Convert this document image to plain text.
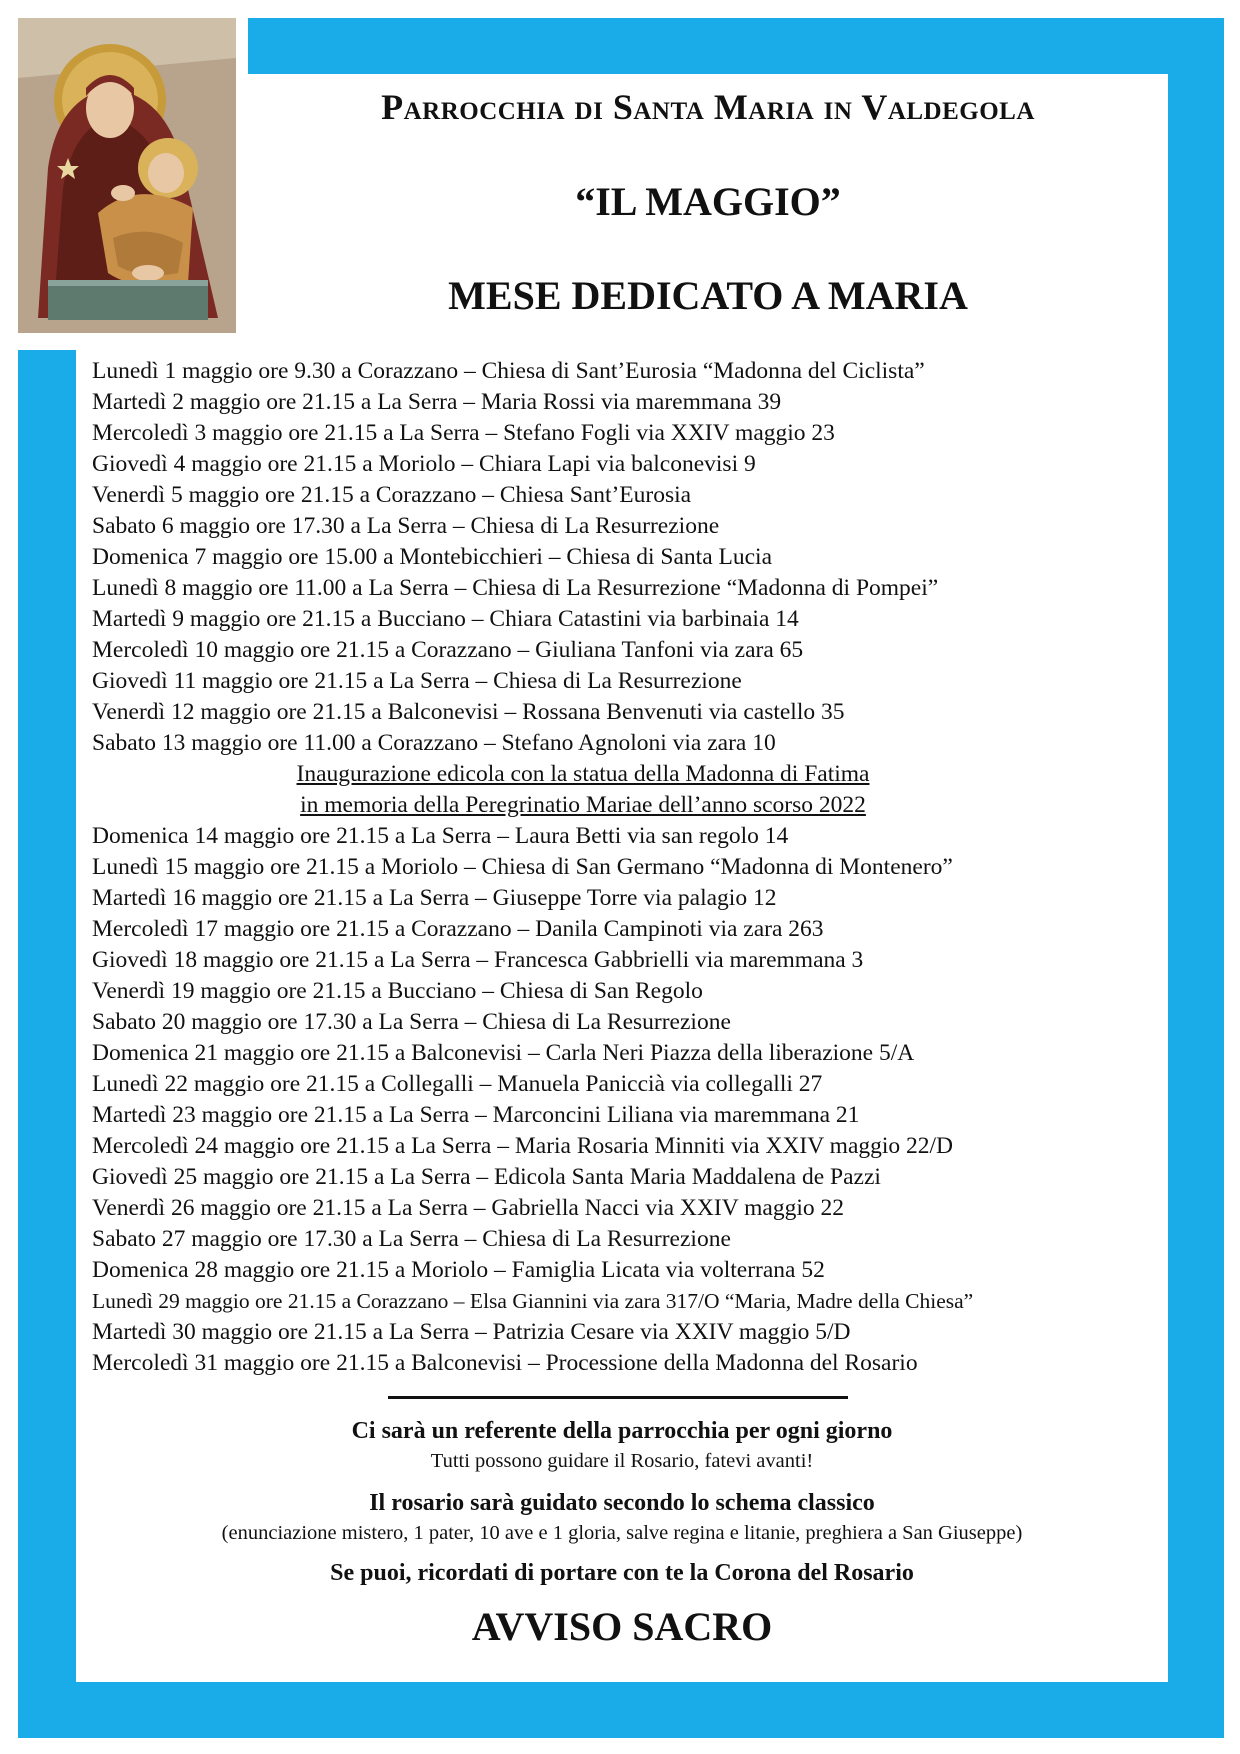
Parrocchia di Santa Maria in Valdegola
“IL MAGGIO”
MESE DEDICATO A MARIA
Lunedì 1 maggio ore 9.30 a Corazzano – Chiesa di Sant’Eurosia “Madonna del Ciclista”
Martedì 2 maggio ore 21.15 a La Serra – Maria Rossi via maremmana 39
Mercoledì 3 maggio ore 21.15 a La Serra – Stefano Fogli via XXIV maggio 23
Giovedì 4 maggio ore 21.15 a Moriolo – Chiara Lapi via balconevisi 9
Venerdì 5 maggio ore 21.15 a Corazzano – Chiesa Sant’Eurosia
Sabato 6 maggio ore 17.30 a La Serra – Chiesa di La Resurrezione
Domenica 7 maggio ore 15.00 a Montebicchieri – Chiesa di Santa Lucia
Lunedì 8 maggio ore 11.00 a La Serra – Chiesa di La Resurrezione “Madonna di Pompei”
Martedì 9 maggio ore 21.15 a Bucciano – Chiara Catastini via barbinaia 14
Mercoledì 10 maggio ore 21.15 a Corazzano – Giuliana Tanfoni via zara 65
Giovedì 11 maggio ore 21.15 a La Serra – Chiesa di La Resurrezione
Venerdì 12 maggio ore 21.15 a Balconevisi – Rossana Benvenuti via castello 35
Sabato 13 maggio ore 11.00 a Corazzano – Stefano Agnoloni via zara 10
Inaugurazione edicola con la statua della Madonna di Fatima
in memoria della Peregrinatio Mariae dell’anno scorso 2022
Domenica 14 maggio ore 21.15 a La Serra – Laura Betti via san regolo 14
Lunedì 15 maggio ore 21.15 a Moriolo – Chiesa di San Germano “Madonna di Montenero”
Martedì 16 maggio ore 21.15 a La Serra – Giuseppe Torre via palagio 12
Mercoledì 17 maggio ore 21.15 a Corazzano – Danila Campinoti via zara 263
Giovedì 18 maggio ore 21.15 a La Serra – Francesca Gabbrielli via maremmana 3
Venerdì 19 maggio ore 21.15 a Bucciano – Chiesa di San Regolo
Sabato 20 maggio ore 17.30 a La Serra – Chiesa di La Resurrezione
Domenica 21 maggio ore 21.15 a Balconevisi – Carla Neri Piazza della liberazione 5/A
Lunedì 22 maggio ore 21.15 a Collegalli – Manuela Paniccià via collegalli 27
Martedì 23 maggio ore 21.15 a La Serra – Marconcini Liliana via maremmana 21
Mercoledì 24 maggio ore 21.15 a La Serra – Maria Rosaria Minniti via XXIV maggio 22/D
Giovedì 25 maggio ore 21.15 a La Serra – Edicola Santa Maria Maddalena de Pazzi
Venerdì 26 maggio ore 21.15 a La Serra – Gabriella Nacci via XXIV maggio 22
Sabato 27 maggio ore 17.30 a La Serra – Chiesa di La Resurrezione
Domenica 28 maggio ore 21.15 a Moriolo – Famiglia Licata via volterrana 52
Lunedì 29 maggio ore 21.15 a Corazzano – Elsa Giannini via zara 317/O “Maria, Madre della Chiesa”
Martedì 30 maggio ore 21.15 a La Serra – Patrizia Cesare via XXIV maggio 5/D
Mercoledì 31 maggio ore 21.15 a Balconevisi – Processione della Madonna del Rosario
Ci sarà un referente della parrocchia per ogni giorno
Tutti possono guidare il Rosario, fatevi avanti!
Il rosario sarà guidato secondo lo schema classico
(enunciazione mistero, 1 pater, 10 ave e 1 gloria, salve regina e litanie, preghiera a San Giuseppe)
Se puoi, ricordati di portare con te la Corona del Rosario
AVVISO SACRO
